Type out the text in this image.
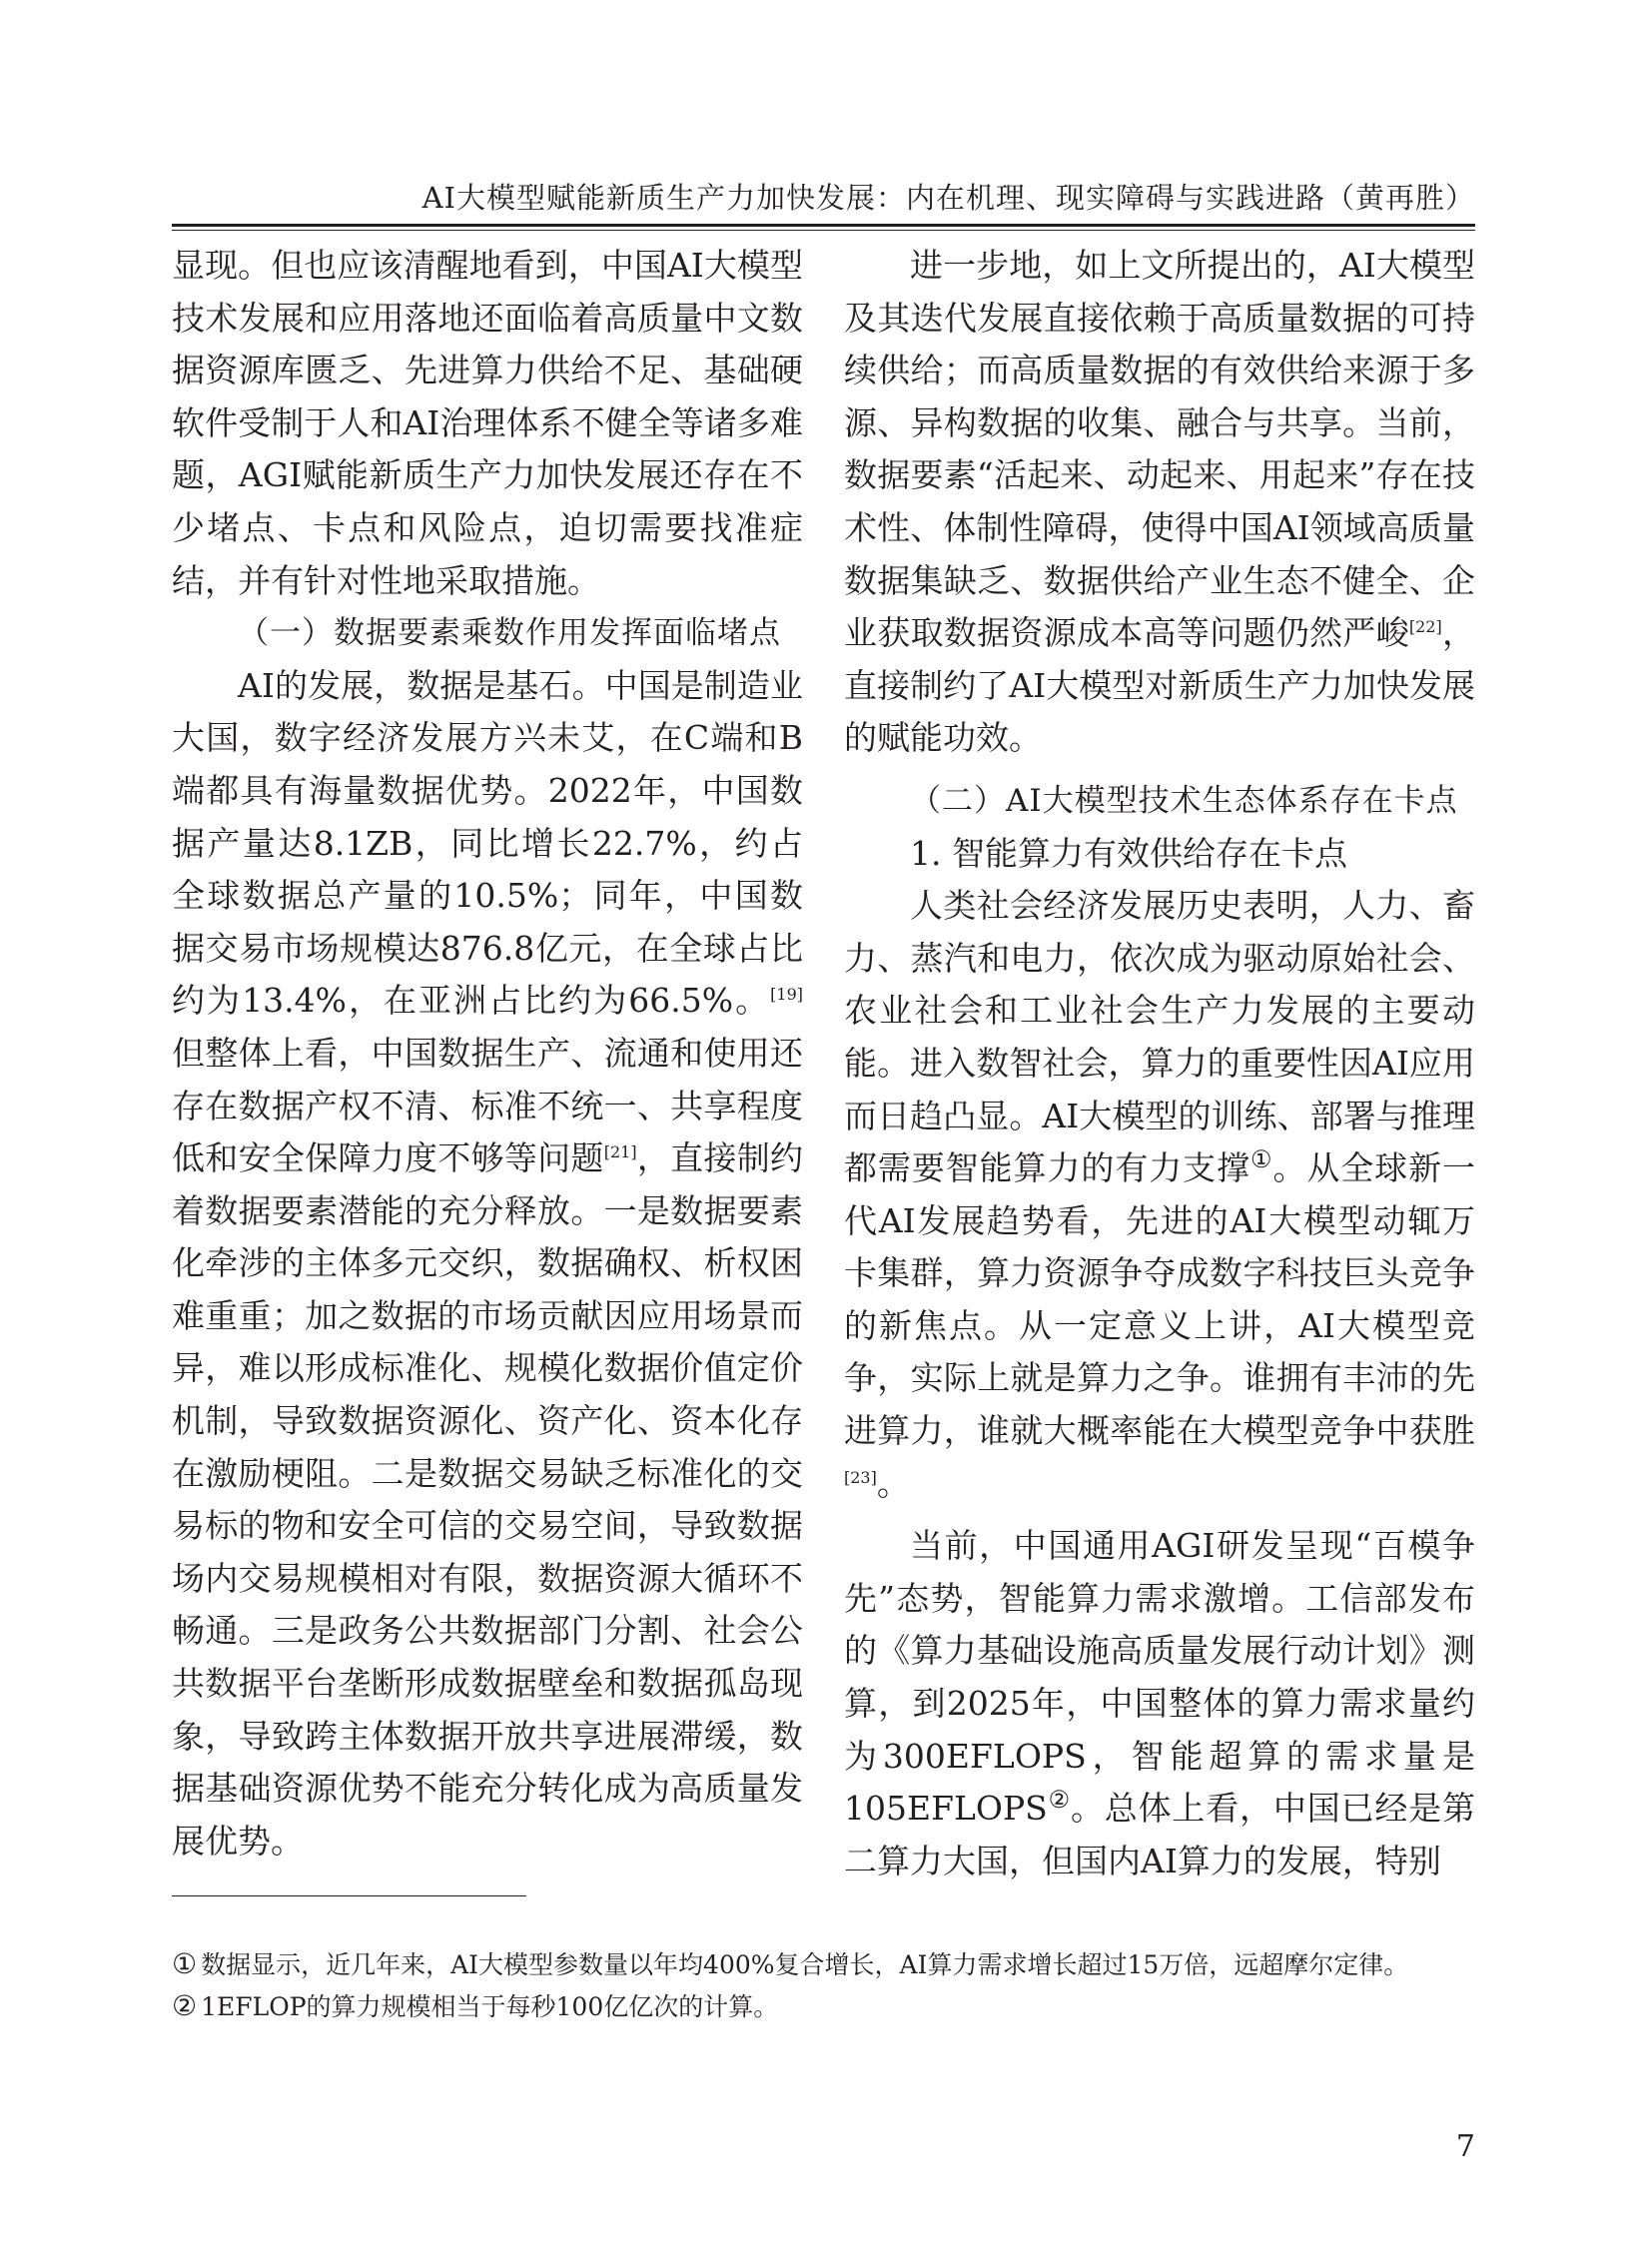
AI大模型赋能新质生产力加快发展：内在机理、现实障碍与实践进路（黄再胜）

显现。但也应该清醒地看到，中国AI大模型技术发展和应用落地还面临着高质量中文数据资源库匮乏、先进算力供给不足、基础硬软件受制于人和AI治理体系不健全等诸多难题，AGI赋能新质生产力加快发展还存在不少堵点、卡点和风险点，迫切需要找准症结，并有针对性地采取措施。

（一）数据要素乘数作用发挥面临堵点

AI的发展，数据是基石。中国是制造业大国，数字经济发展方兴未艾，在C端和B端都具有海量数据优势。2022年，中国数据产量达8.1ZB，同比增长22.7%，约占全球数据总产量的10.5%；同年，中国数据交易市场规模达876.8亿元，在全球占比约为13.4%，在亚洲占比约为66.5%。[19]但整体上看，中国数据生产、流通和使用还存在数据产权不清、标准不统一、共享程度低和安全保障力度不够等问题[21]，直接制约着数据要素潜能的充分释放。一是数据要素化牵涉的主体多元交织，数据确权、析权困难重重；加之数据的市场贡献因应用场景而异，难以形成标准化、规模化数据价值定价机制，导致数据资源化、资产化、资本化存在激励梗阻。二是数据交易缺乏标准化的交易标的物和安全可信的交易空间，导致数据场内交易规模相对有限，数据资源大循环不畅通。三是政务公共数据部门分割、社会公共数据平台垄断形成数据壁垒和数据孤岛现象，导致跨主体数据开放共享进展滞缓，数据基础资源优势不能充分转化成为高质量发展优势。

进一步地，如上文所提出的，AI大模型及其迭代发展直接依赖于高质量数据的可持续供给；而高质量数据的有效供给来源于多源、异构数据的收集、融合与共享。当前，数据要素“活起来、动起来、用起来”存在技术性、体制性障碍，使得中国AI领域高质量数据集缺乏、数据供给产业生态不健全、企业获取数据资源成本高等问题仍然严峻[22]，直接制约了AI大模型对新质生产力加快发展的赋能功效。

（二）AI大模型技术生态体系存在卡点

1. 智能算力有效供给存在卡点

人类社会经济发展历史表明，人力、畜力、蒸汽和电力，依次成为驱动原始社会、农业社会和工业社会生产力发展的主要动能。进入数智社会，算力的重要性因AI应用而日趋凸显。AI大模型的训练、部署与推理都需要智能算力的有力支撑①。从全球新一代AI发展趋势看，先进的AI大模型动辄万卡集群，算力资源争夺成数字科技巨头竞争的新焦点。从一定意义上讲，AI大模型竞争，实际上就是算力之争。谁拥有丰沛的先进算力，谁就大概率能在大模型竞争中获胜[23]。

当前，中国通用AGI研发呈现“百模争先”态势，智能算力需求激增。工信部发布的《算力基础设施高质量发展行动计划》测算，到2025年，中国整体的算力需求量约为300EFLOPS，智能超算的需求量是105EFLOPS②。总体上看，中国已经是第二算力大国，但国内AI算力的发展，特别

① 数据显示，近几年来，AI大模型参数量以年均400%复合增长，AI算力需求增长超过15万倍，远超摩尔定律。

② 1EFLOP的算力规模相当于每秒100亿亿次的计算。

7
